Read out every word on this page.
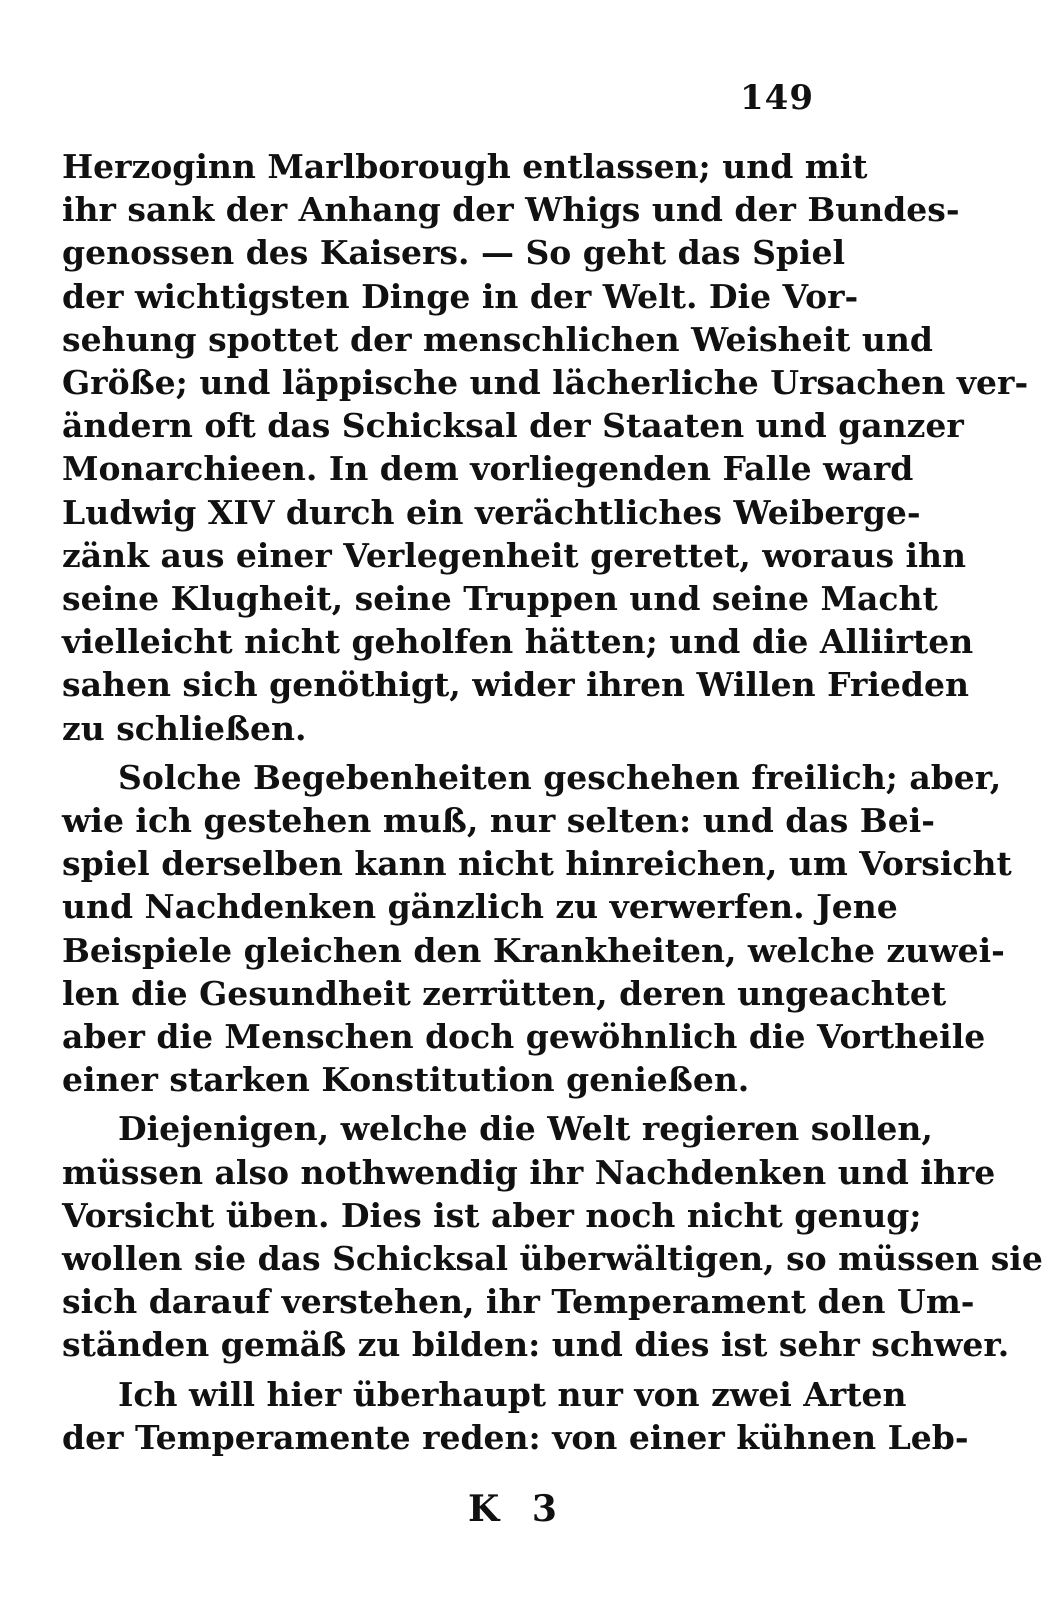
149
Herzoginn Marlborough entlassen; und mit
ihr sank der Anhang der Whigs und der Bundes-
genossen des Kaisers. — So geht das Spiel
der wichtigsten Dinge in der Welt. Die Vor-
sehung spottet der menschlichen Weisheit und
Größe; und läppische und lächerliche Ursachen ver-
ändern oft das Schicksal der Staaten und ganzer
Monarchieen. In dem vorliegenden Falle ward
Ludwig XIV durch ein verächtliches Weiberge-
zänk aus einer Verlegenheit gerettet, woraus ihn
seine Klugheit, seine Truppen und seine Macht
vielleicht nicht geholfen hätten; und die Alliirten
sahen sich genöthigt, wider ihren Willen Frieden
zu schließen.
Solche Begebenheiten geschehen freilich; aber,
wie ich gestehen muß, nur selten: und das Bei-
spiel derselben kann nicht hinreichen, um Vorsicht
und Nachdenken gänzlich zu verwerfen. Jene
Beispiele gleichen den Krankheiten, welche zuwei-
len die Gesundheit zerrütten, deren ungeachtet
aber die Menschen doch gewöhnlich die Vortheile
einer starken Konstitution genießen.
Diejenigen, welche die Welt regieren sollen,
müssen also nothwendig ihr Nachdenken und ihre
Vorsicht üben. Dies ist aber noch nicht genug;
wollen sie das Schicksal überwältigen, so müssen sie
sich darauf verstehen, ihr Temperament den Um-
ständen gemäß zu bilden: und dies ist sehr schwer.
Ich will hier überhaupt nur von zwei Arten
der Temperamente reden: von einer kühnen Leb-
K 3
